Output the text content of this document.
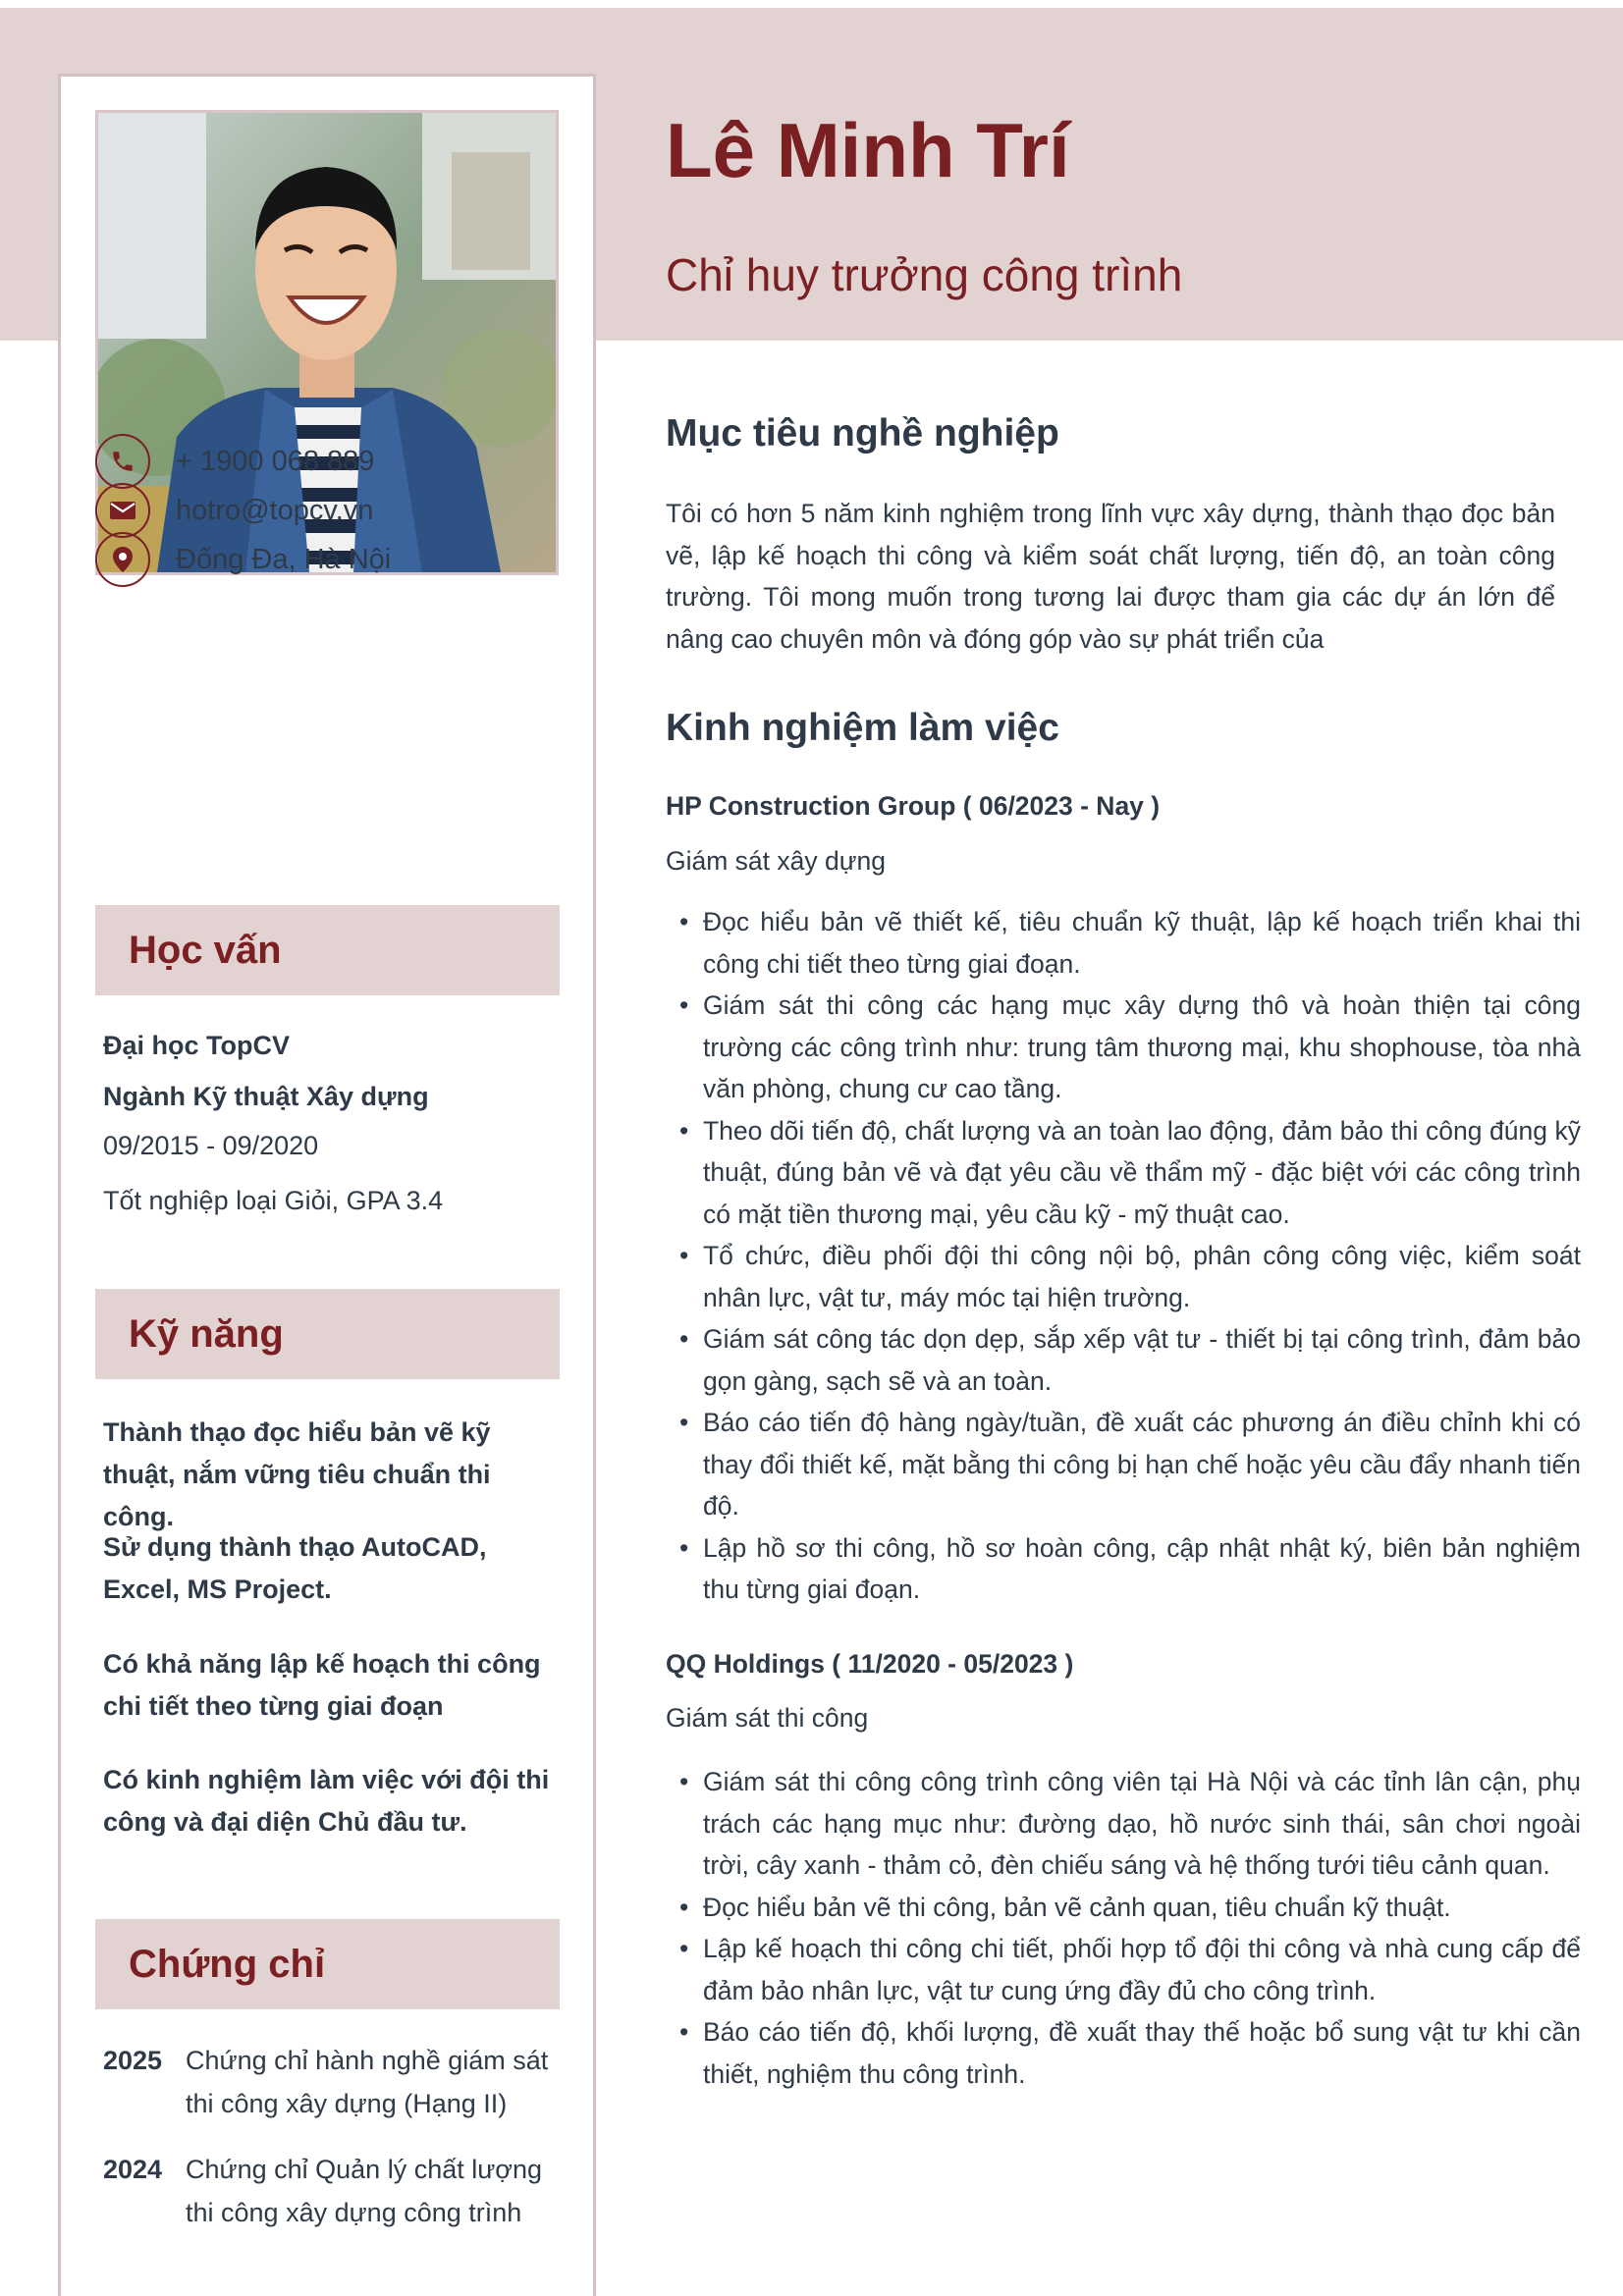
+ 1900 068 889
hotro@topcv.vn
Đống Đa, Hà Nội
Học vấn
Đại học TopCV
Ngành Kỹ thuật Xây dựng
09/2015 - 09/2020
Tốt nghiệp loại Giỏi, GPA 3.4
Kỹ năng
Thành thạo đọc hiểu bản vẽ kỹ thuật, nắm vững tiêu chuẩn thi công.
Sử dụng thành thạo AutoCAD, Excel, MS Project.
Có khả năng lập kế hoạch thi công chi tiết theo từng giai đoạn
Có kinh nghiệm làm việc với đội thi công và đại diện Chủ đầu tư.
Chứng chỉ
2025 Chứng chỉ hành nghề giám sát thi công xây dựng (Hạng II)
2024 Chứng chỉ Quản lý chất lượng thi công xây dựng công trình
Lê Minh Trí
Chỉ huy trưởng công trình
Mục tiêu nghề nghiệp
Tôi có hơn 5 năm kinh nghiệm trong lĩnh vực xây dựng, thành thạo đọc bản vẽ, lập kế hoạch thi công và kiểm soát chất lượng, tiến độ, an toàn công trường. Tôi mong muốn trong tương lai được tham gia các dự án lớn để nâng cao chuyên môn và đóng góp vào sự phát triển của
Kinh nghiệm làm việc
HP Construction Group ( 06/2023 - Nay )
Giám sát xây dựng
• Đọc hiểu bản vẽ thiết kế, tiêu chuẩn kỹ thuật, lập kế hoạch triển khai thi công chi tiết theo từng giai đoạn.
• Giám sát thi công các hạng mục xây dựng thô và hoàn thiện tại công trường các công trình như: trung tâm thương mại, khu shophouse, tòa nhà văn phòng, chung cư cao tầng.
• Theo dõi tiến độ, chất lượng và an toàn lao động, đảm bảo thi công đúng kỹ thuật, đúng bản vẽ và đạt yêu cầu về thẩm mỹ - đặc biệt với các công trình có mặt tiền thương mại, yêu cầu kỹ - mỹ thuật cao.
• Tổ chức, điều phối đội thi công nội bộ, phân công công việc, kiểm soát nhân lực, vật tư, máy móc tại hiện trường.
• Giám sát công tác dọn dẹp, sắp xếp vật tư - thiết bị tại công trình, đảm bảo gọn gàng, sạch sẽ và an toàn.
• Báo cáo tiến độ hàng ngày/tuần, đề xuất các phương án điều chỉnh khi có thay đổi thiết kế, mặt bằng thi công bị hạn chế hoặc yêu cầu đẩy nhanh tiến độ.
• Lập hồ sơ thi công, hồ sơ hoàn công, cập nhật nhật ký, biên bản nghiệm thu từng giai đoạn.
QQ Holdings ( 11/2020 - 05/2023 )
Giám sát thi công
• Giám sát thi công công trình công viên tại Hà Nội và các tỉnh lân cận, phụ trách các hạng mục như: đường dạo, hồ nước sinh thái, sân chơi ngoài trời, cây xanh - thảm cỏ, đèn chiếu sáng và hệ thống tưới tiêu cảnh quan.
• Đọc hiểu bản vẽ thi công, bản vẽ cảnh quan, tiêu chuẩn kỹ thuật.
• Lập kế hoạch thi công chi tiết, phối hợp tổ đội thi công và nhà cung cấp để đảm bảo nhân lực, vật tư cung ứng đầy đủ cho công trình.
• Báo cáo tiến độ, khối lượng, đề xuất thay thế hoặc bổ sung vật tư khi cần thiết, nghiệm thu công trình.
